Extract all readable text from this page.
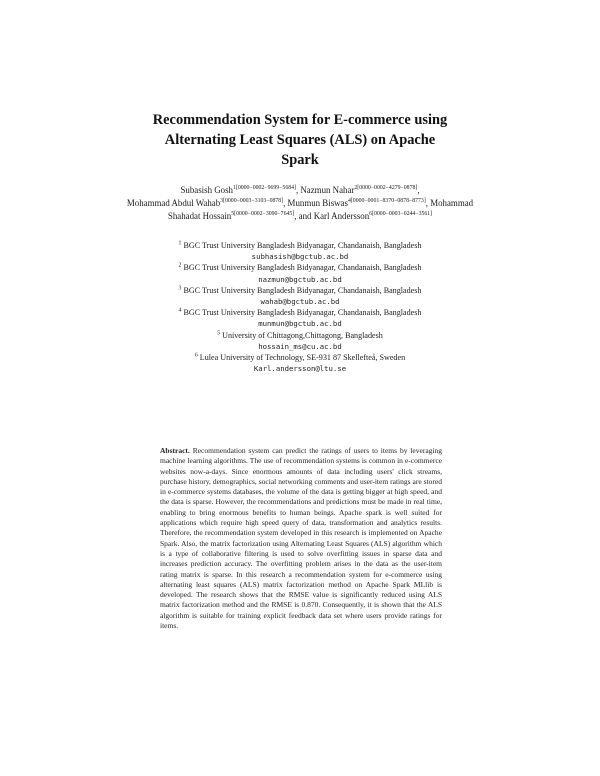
Recommendation System for E-commerce using
Alternating Least Squares (ALS) on Apache
Spark
Subasish Gosh$^{1[0000-0002-9699-5684]}$, Nazmun Nahar$^{2[0000-0002-4279-0878]}$,
Mohammad Abdul Wahab$^{3[0000-0003-3103-0878]}$, Munmun Biswas$^{4[0000-0001-8370-0878-8773]}$, Mohammad Shahadat Hossain$^{5[0000-0002-3090-7645]}$, and Karl Andersson$^{6[0000-0003-0244-3561]}$

$^1$ BGC Trust University Bangladesh Bidyanagar, Chandanaish, Bangladesh
subhasish@bgctub.ac.bd

$^2$ BGC Trust University Bangladesh Bidyanagar, Chandanaish, Bangladesh
nazmun@bgctub.ac.bd

$^3$ BGC Trust University Bangladesh Bidyanagar, Chandanaish, Bangladesh
wahab@bgctub.ac.bd

$^4$ BGC Trust University Bangladesh Bidyanagar, Chandanaish, Bangladesh
munmun@bgctub.ac.bd

$^5$ University of Chittagong,Chittagong, Bangladesh
hossain_ms@cu.ac.bd

$^6$ Lulea University of Technology, SE-931 87 Skellefteå, Sweden
Karl.andersson@ltu.se

Abstract. Recommendation system can predict the ratings of users to items by leveraging machine learning algorithms. The use of recommendation systems is common in e-commerce websites now-a-days. Since enormous amounts of data including users' click streams, purchase history, demographics, social networking comments and user-item ratings are stored in e-commerce systems databases, the volume of the data is getting bigger at high speed, and the data is sparse. However, the recommendations and predictions must be made in real time, enabling to bring enormous benefits to human beings. Apache spark is well suited for applications which require high speed query of data, transformation and analytics results. Therefore, the recommendation system developed in this research is implemented on Apache Spark. Also, the matrix factorization using Alternating Least Squares (ALS) algorithm which is a type of collaborative filtering is used to solve overfitting issues in sparse data and increases prediction accuracy. The overfitting problem arises in the data as the user-item rating matrix is sparse. In this research a recommendation system for e-commerce using alternating least squares (ALS) matrix factorization method on Apache Spark MLlib is developed. The research shows that the RMSE value is significantly reduced using ALS matrix factorization method and the RMSE is 0.870. Consequently, it is shown that the ALS algorithm is suitable for training explicit feedback data set where users provide ratings for items.
